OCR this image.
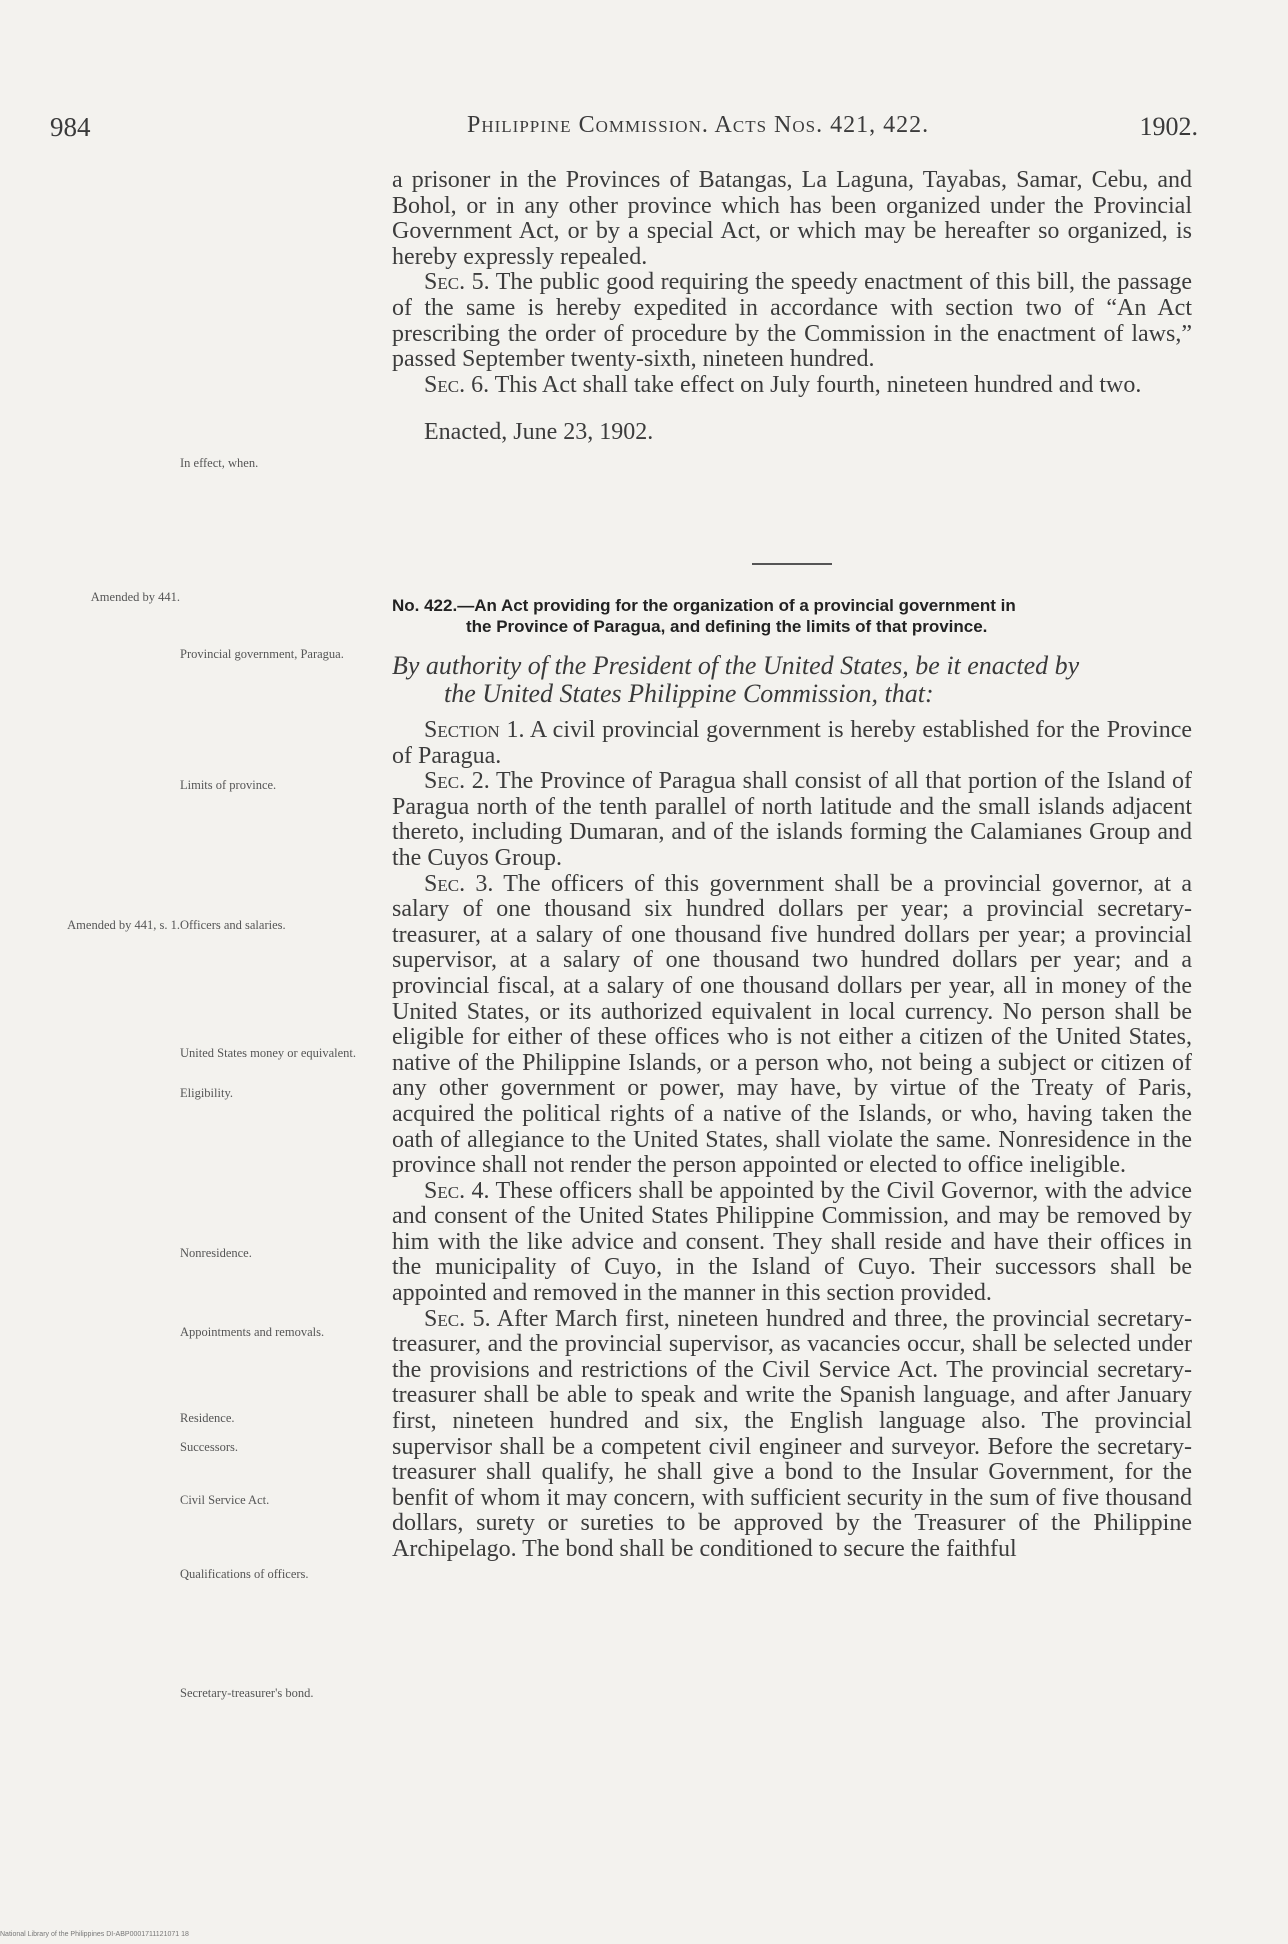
984	Philippine Commission. Acts Nos. 421, 422.	1902.

a prisoner in the Provinces of Batangas, La Laguna, Tayabas, Samar, Cebu, and Bohol, or in any other province which has been organized under the Provincial Government Act, or by a special Act, or which may be hereafter so organized, is hereby expressly repealed.

Sec. 5. The public good requiring the speedy enactment of this bill, the passage of the same is hereby expedited in accordance with section two of “An Act prescribing the order of procedure by the Commission in the enactment of laws,” passed September twenty-sixth, nineteen hundred.

Sec. 6. This Act shall take effect on July fourth, nineteen hundred and two.

Enacted, June 23, 1902.

No. 422.—An Act providing for the organization of a provincial government in
the Province of Paragua, and defining the limits of that province.
By authority of the President of the United States, be it enacted by
the United States Philippine Commission, that:

Section 1. A civil provincial government is hereby established for the Province of Paragua.

Sec. 2. The Province of Paragua shall consist of all that portion of the Island of Paragua north of the tenth parallel of north latitude and the small islands adjacent thereto, including Dumaran, and of the islands forming the Calamianes Group and the Cuyos Group.

Sec. 3. The officers of this government shall be a provincial governor, at a salary of one thousand six hundred dollars per year; a provincial secretary-treasurer, at a salary of one thousand five hundred dollars per year; a provincial supervisor, at a salary of one thousand two hundred dollars per year; and a provincial fiscal, at a salary of one thousand dollars per year, all in money of the United States, or its authorized equivalent in local currency. No person shall be eligible for either of these offices who is not either a citizen of the United States, native of the Philippine Islands, or a person who, not being a subject or citizen of any other government or power, may have, by virtue of the Treaty of Paris, acquired the political rights of a native of the Islands, or who, having taken the oath of allegiance to the United States, shall violate the same. Nonresidence in the province shall not render the person appointed or elected to office ineligible.

Sec. 4. These officers shall be appointed by the Civil Governor, with the advice and consent of the United States Philippine Commission, and may be removed by him with the like advice and consent. They shall reside and have their offices in the municipality of Cuyo, in the Island of Cuyo. Their successors shall be appointed and removed in the manner in this section provided.

Sec. 5. After March first, nineteen hundred and three, the provincial secretary-treasurer, and the provincial supervisor, as vacancies occur, shall be selected under the provisions and restrictions of the Civil Service Act. The provincial secretary-treasurer shall be able to speak and write the Spanish language, and after January first, nineteen hundred and six, the English language also. The provincial supervisor shall be a competent civil engineer and surveyor. Before the secretary-treasurer shall qualify, he shall give a bond to the Insular Government, for the benfit of whom it may concern, with sufficient security in the sum of five thousand dollars, surety or sureties to be approved by the Treasurer of the Philippine Archipelago. The bond shall be conditioned to secure the faithful

In effect, when.
Amended by 441.
Provincial government, Paragua.
Limits of province.
Amended by 441, s. 1. Officers and salaries.
United States money or equivalent.
Eligibility.
Nonresidence.
Appointments and removals.
Residence.
Successors.
Civil Service Act.
Qualifications of officers.
Secretary-treasurer's bond.
National Library of the Philippines DI-ABP0001711121071 18
